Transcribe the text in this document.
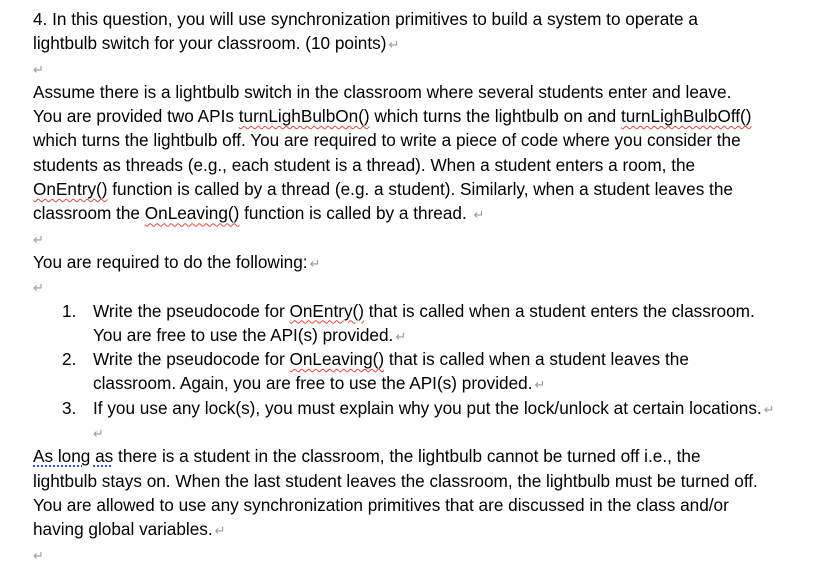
4. In this question, you will use synchronization primitives to build a system to operate a
lightbulb switch for your classroom. (10 points) ↵
↵
Assume there is a lightbulb switch in the classroom where several students enter and leave.
You are provided two APIs turnLighBulbOn() which turns the lightbulb on and turnLighBulbOff()
which turns the lightbulb off. You are required to write a piece of code where you consider the
students as threads (e.g., each student is a thread). When a student enters a room, the
OnEntry() function is called by a thread (e.g. a student). Similarly, when a student leaves the
classroom the OnLeaving() function is called by a thread. ↵
↵
You are required to do the following: ↵
↵
1. Write the pseudocode for OnEntry() that is called when a student enters the classroom.
You are free to use the API(s) provided. ↵
2. Write the pseudocode for OnLeaving() that is called when a student leaves the
classroom. Again, you are free to use the API(s) provided. ↵
3. If you use any lock(s), you must explain why you put the lock/unlock at certain locations. ↵
↵
As long as there is a student in the classroom, the lightbulb cannot be turned off i.e., the
lightbulb stays on. When the last student leaves the classroom, the lightbulb must be turned off.
You are allowed to use any synchronization primitives that are discussed in the class and/or
having global variables. ↵
↵
